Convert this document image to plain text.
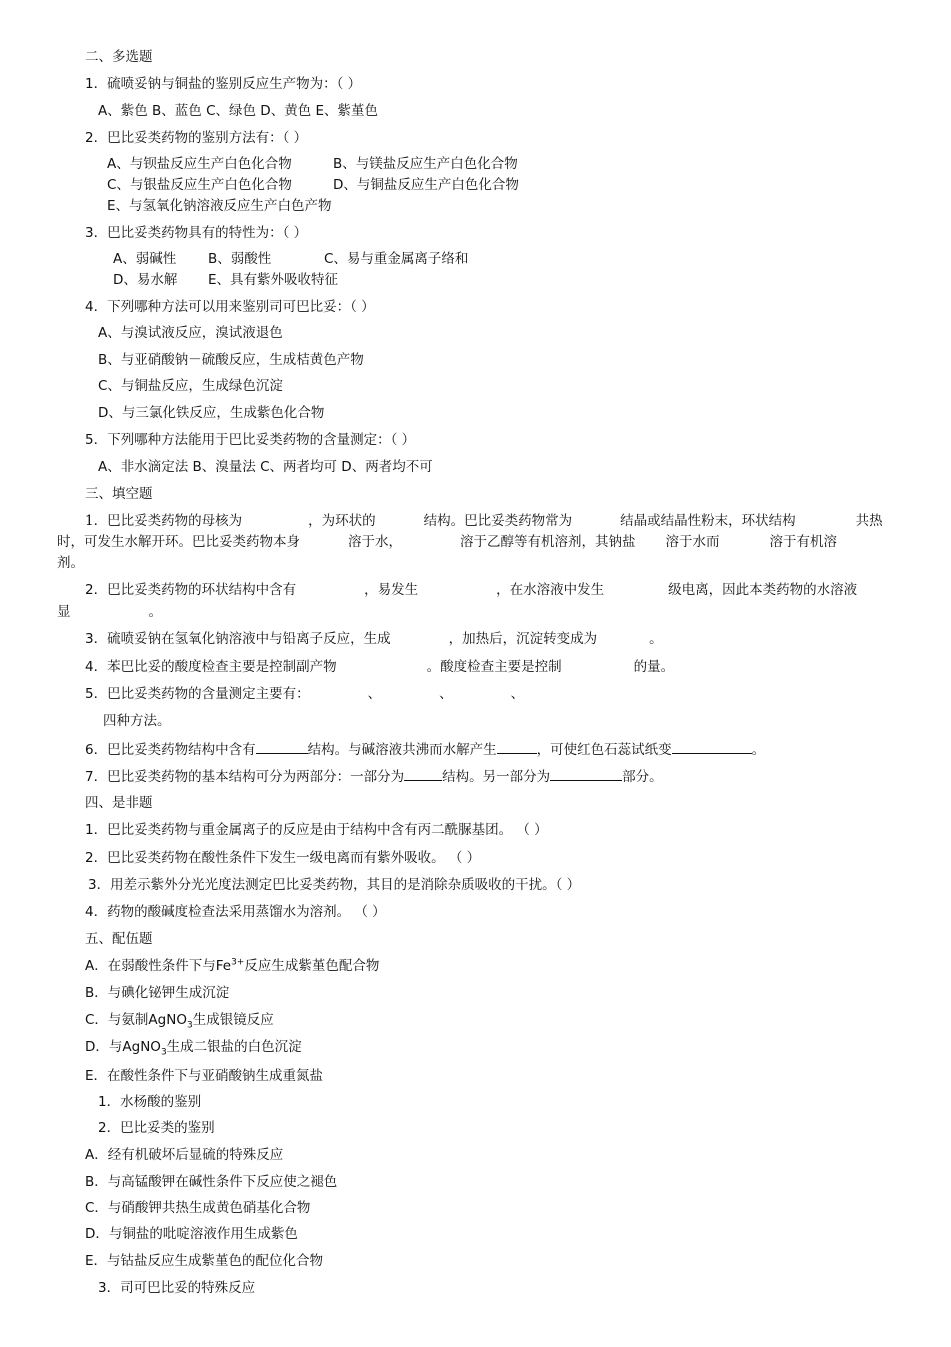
二、多选题
1．硫喷妥钠与铜盐的鉴别反应生产物为：（ ）
A、紫色 B、蓝色 C、绿色 D、黄色 E、紫堇色
2．巴比妥类药物的鉴别方法有：（ ）
A、与钡盐反应生产白色化合物	B、与镁盐反应生产白色化合物
C、与银盐反应生产白色化合物	D、与铜盐反应生产白色化合物
E、与氢氧化钠溶液反应生产白色产物
3．巴比妥类药物具有的特性为：（ ）
A、弱碱性 B、弱酸性	C、易与重金属离子络和
D、易水解 E、具有紫外吸收特征
4．下列哪种方法可以用来鉴别司可巴比妥：（ ）
A、与溴试液反应，溴试液退色
B、与亚硝酸钠－硫酸反应，生成桔黄色产物
C、与铜盐反应，生成绿色沉淀
D、与三氯化铁反应，生成紫色化合物
5．下列哪种方法能用于巴比妥类药物的含量测定：（ ）
A、非水滴定法 B、溴量法 C、两者均可 D、两者均不可
三、填空题
1．巴比妥类药物的母核为	，为环状的	结构。巴比妥类药物常为	结晶或结晶性粉末，环状结构	共热
时，可发生水解开环。巴比妥类药物本身	溶于水，	溶于乙醇等有机溶剂，其钠盐 溶于水而	溶于有机溶
剂。
2．巴比妥类药物的环状结构中含有	，易发生	，在水溶液中发生	级电离，因此本类药物的水溶液
显	。
3．硫喷妥钠在氢氧化钠溶液中与铅离子反应，生成	，加热后，沉淀转变成为	。
4．苯巴比妥的酸度检查主要是控制副产物	。酸度检查主要是控制	的量。
5．巴比妥类药物的含量测定主要有：	、	、	、
四种方法。
6．巴比妥类药物结构中含有	结构。与碱溶液共沸而水解产生	，可使红色石蕊试纸变	。
7．巴比妥类药物的基本结构可分为两部分：一部分为	结构。另一部分为	部分。
四、是非题
1．巴比妥类药物与重金属离子的反应是由于结构中含有丙二酰脲基团。 （ ）
2．巴比妥类药物在酸性条件下发生一级电离而有紫外吸收。 （ ）
3．用差示紫外分光光度法测定巴比妥类药物，其目的是消除杂质吸收的干扰。（ ）
4．药物的酸碱度检查法采用蒸馏水为溶剂。 （ ）
五、配伍题
A．在弱酸性条件下与$Fe^{3+}$反应生成紫堇色配合物
B．与碘化铋钾生成沉淀
C．与氨制AgNO$_3$生成银镜反应
D．与AgNO$_3$生成二银盐的白色沉淀
E．在酸性条件下与亚硝酸钠生成重氮盐
1．水杨酸的鉴别
2．巴比妥类的鉴别
A．经有机破坏后显硫的特殊反应
B．与高锰酸钾在碱性条件下反应使之褪色
C．与硝酸钾共热生成黄色硝基化合物
D．与铜盐的吡啶溶液作用生成紫色
E．与钴盐反应生成紫堇色的配位化合物
3．司可巴比妥的特殊反应
